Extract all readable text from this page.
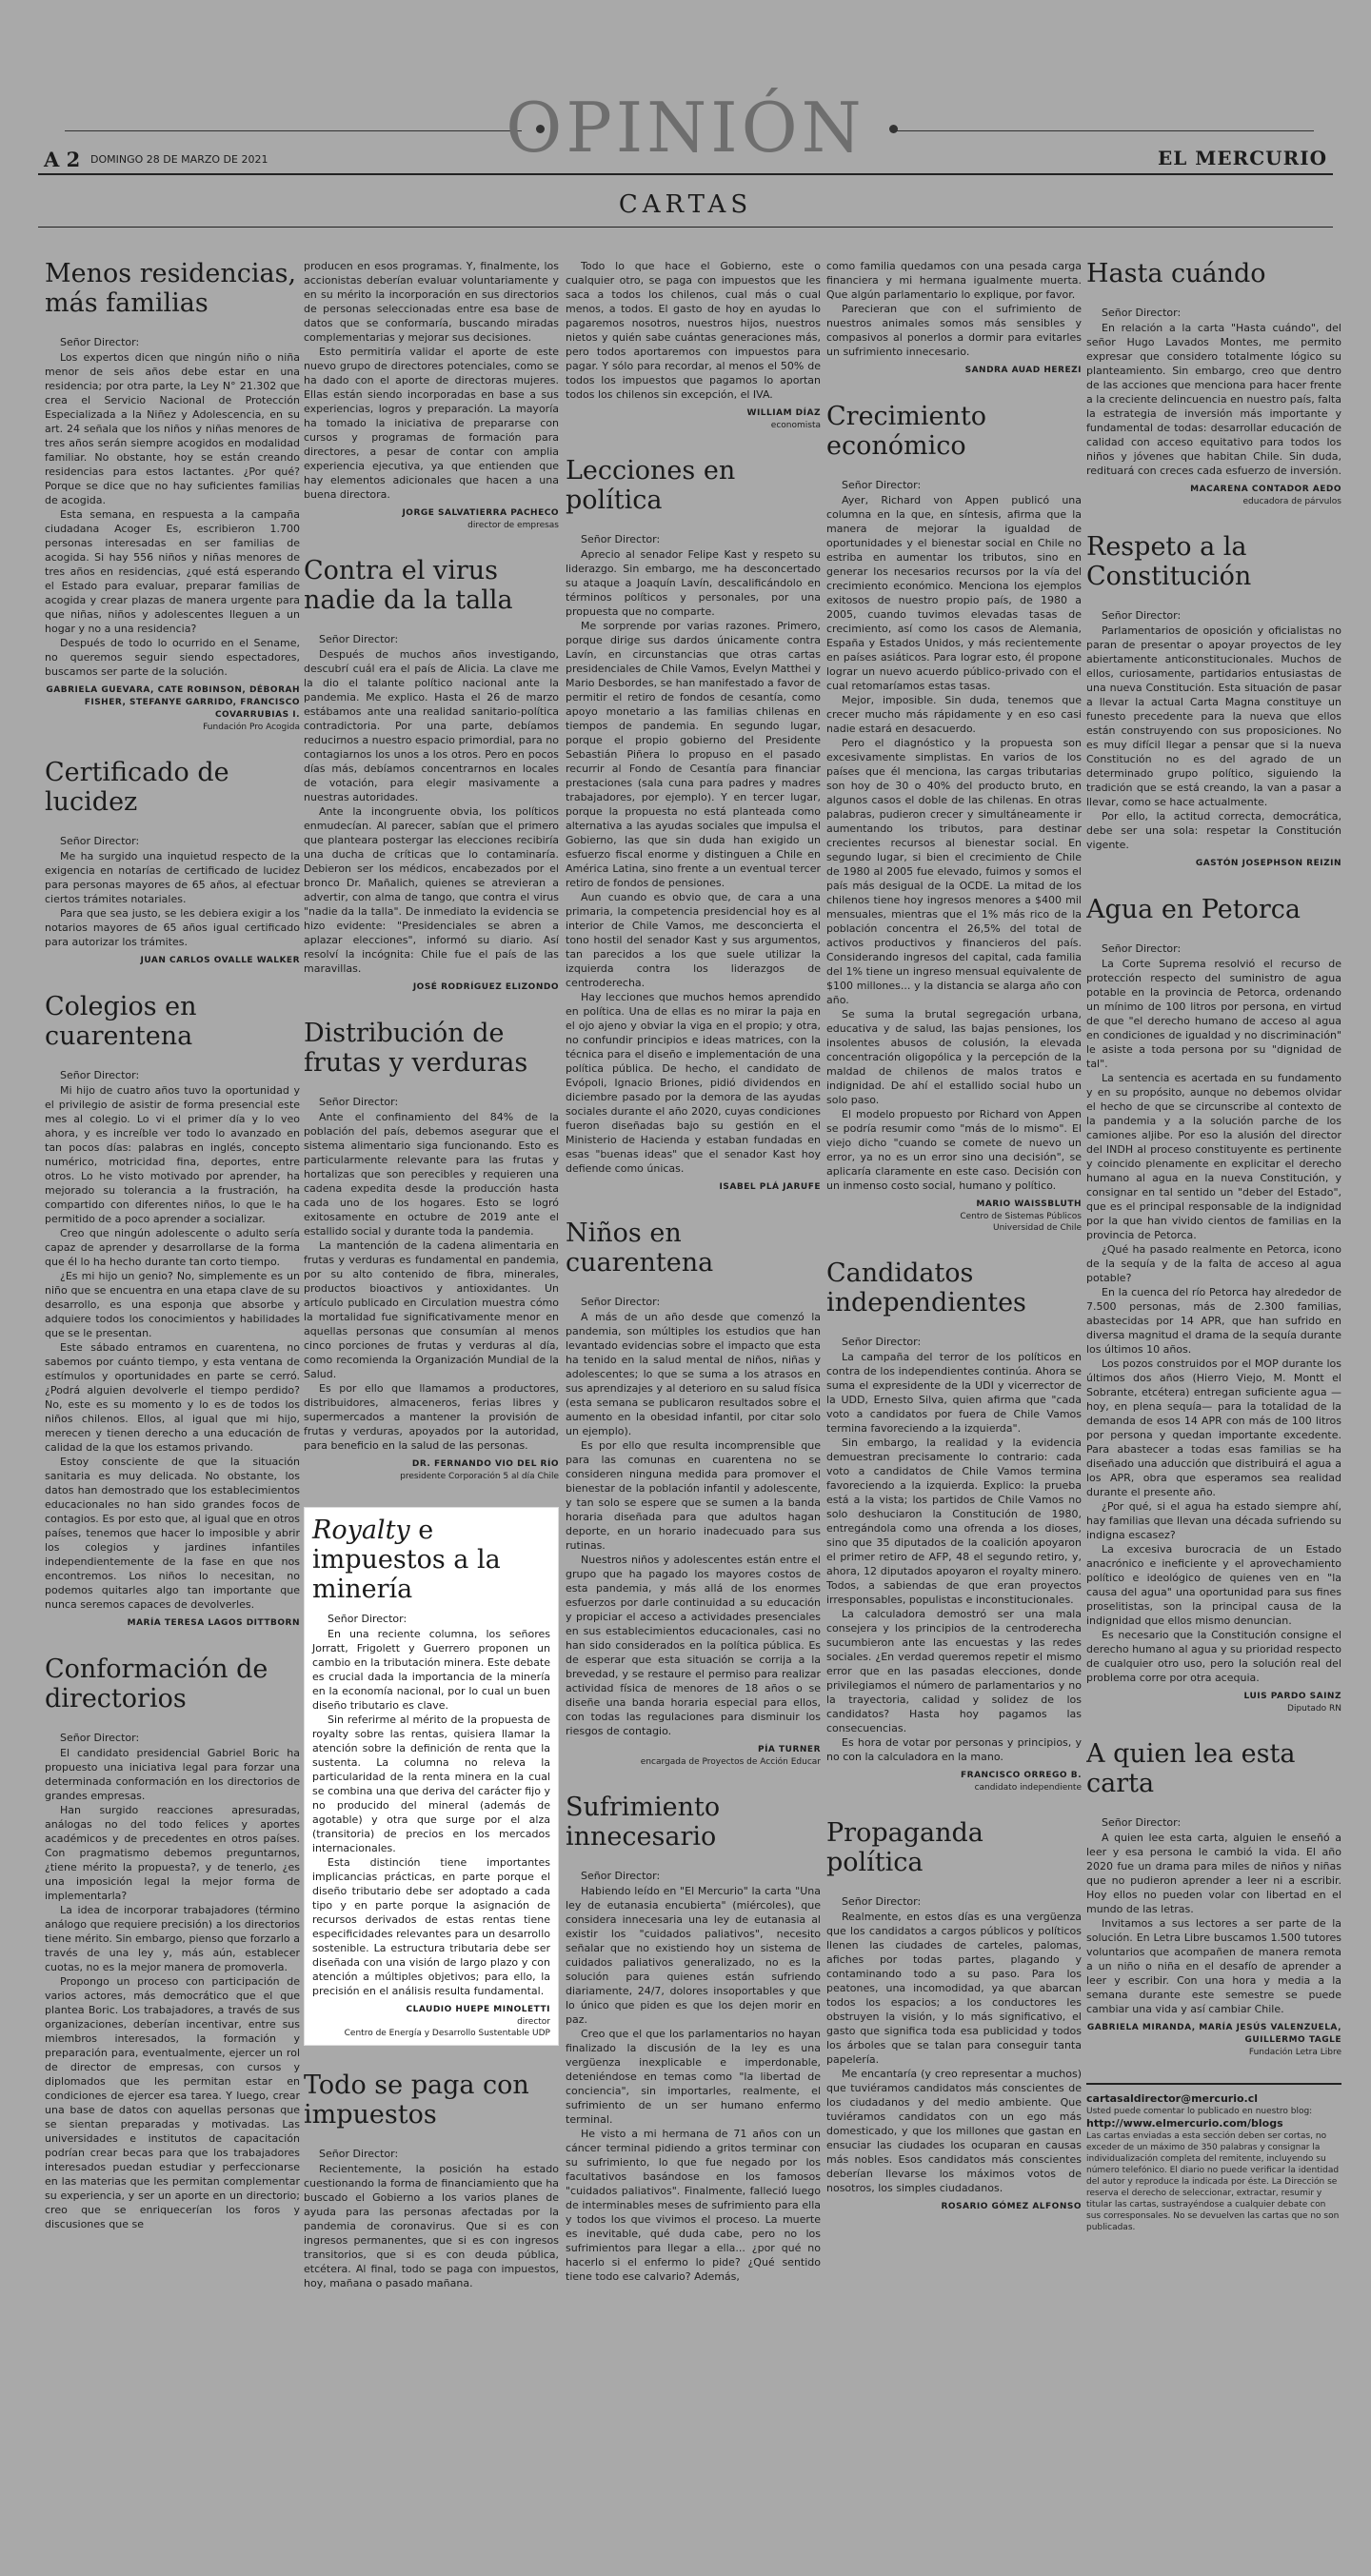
OPINIÓN
A 2 DOMINGO 28 DE MARZO DE 2021	EL MERCURIO
CARTAS
Menos residencias, más familias
Señor Director:

Los expertos dicen que ningún niño o niña menor de seis años debe estar en una residencia; por otra parte, la Ley N° 21.302 que crea el Servicio Nacional de Protección Especializada a la Niñez y Adolescencia, en su art. 24 señala que los niños y niñas menores de tres años serán siempre acogidos en modalidad familiar. No obstante, hoy se están creando residencias para estos lactantes. ¿Por qué? Porque se dice que no hay suficientes familias de acogida.

Esta semana, en respuesta a la campaña ciudadana Acoger Es, escribieron 1.700 personas interesadas en ser familias de acogida. Si hay 556 niños y niñas menores de tres años en residencias, ¿qué está esperando el Estado para evaluar, preparar familias de acogida y crear plazas de manera urgente para que niñas, niños y adolescentes lleguen a un hogar y no a una residencia?

Después de todo lo ocurrido en el Sename, no queremos seguir siendo espectadores, buscamos ser parte de la solución.

GABRIELA GUEVARA, CATE ROBINSON, DÉBORAH FISHER, STEFANYE GARRIDO, FRANCISCO COVARRUBIAS I.
Fundación Pro Acogida
Certificado de lucidez
Señor Director:

Me ha surgido una inquietud respecto de la exigencia en notarías de certificado de lucidez para personas mayores de 65 años, al efectuar ciertos trámites notariales.

Para que sea justo, se les debiera exigir a los notarios mayores de 65 años igual certificado para autorizar los trámites.

JUAN CARLOS OVALLE WALKER
Colegios en cuarentena
Señor Director:

Mi hijo de cuatro años tuvo la oportunidad y el privilegio de asistir de forma presencial este mes al colegio. Lo vi el primer día y lo veo ahora, y es increíble ver todo lo avanzado en tan pocos días: palabras en inglés, concepto numérico, motricidad fina, deportes, entre otros. Lo he visto motivado por aprender, ha mejorado su tolerancia a la frustración, ha compartido con diferentes niños, lo que le ha permitido de a poco aprender a socializar.

Creo que ningún adolescente o adulto sería capaz de aprender y desarrollarse de la forma que él lo ha hecho durante tan corto tiempo.

¿Es mi hijo un genio? No, simplemente es un niño que se encuentra en una etapa clave de su desarrollo, es una esponja que absorbe y adquiere todos los conocimientos y habilidades que se le presentan.

Este sábado entramos en cuarentena, no sabemos por cuánto tiempo, y esta ventana de estímulos y oportunidades en parte se cerró. ¿Podrá alguien devolverle el tiempo perdido? No, este es su momento y lo es de todos los niños chilenos. Ellos, al igual que mi hijo, merecen y tienen derecho a una educación de calidad de la que los estamos privando.

Estoy consciente de que la situación sanitaria es muy delicada. No obstante, los datos han demostrado que los establecimientos educacionales no han sido grandes focos de contagios. Es por esto que, al igual que en otros países, tenemos que hacer lo imposible y abrir los colegios y jardines infantiles independientemente de la fase en que nos encontremos. Los niños lo necesitan, no podemos quitarles algo tan importante que nunca seremos capaces de devolverles.

MARÍA TERESA LAGOS DITTBORN
Conformación de directorios
Señor Director:

El candidato presidencial Gabriel Boric ha propuesto una iniciativa legal para forzar una determinada conformación en los directorios de grandes empresas.

Han surgido reacciones apresuradas, análogas no del todo felices y aportes académicos y de precedentes en otros países. Con pragmatismo debemos preguntarnos, ¿tiene mérito la propuesta?, y de tenerlo, ¿es una imposición legal la mejor forma de implementarla?

La idea de incorporar trabajadores (término análogo que requiere precisión) a los directorios tiene mérito. Sin embargo, pienso que forzarlo a través de una ley y, más aún, establecer cuotas, no es la mejor manera de promoverla.

Propongo un proceso con participación de varios actores, más democrático que el que plantea Boric. Los trabajadores, a través de sus organizaciones, deberían incentivar, entre sus miembros interesados, la formación y preparación para, eventualmente, ejercer un rol de director de empresas, con cursos y diplomados que les permitan estar en condiciones de ejercer esa tarea. Y luego, crear una base de datos con aquellas personas que se sientan preparadas y motivadas. Las universidades e institutos de capacitación podrían crear becas para que los trabajadores interesados puedan estudiar y perfeccionarse en las materias que les permitan complementar su experiencia, y ser un aporte en un directorio; creo que se enriquecerían los foros y discusiones que se

producen en esos programas. Y, finalmente, los accionistas deberían evaluar voluntariamente y en su mérito la incorporación en sus directorios de personas seleccionadas entre esa base de datos que se conformaría, buscando miradas complementarias y mejorar sus decisiones.

Esto permitiría validar el aporte de este nuevo grupo de directores potenciales, como se ha dado con el aporte de directoras mujeres. Ellas están siendo incorporadas en base a sus experiencias, logros y preparación. La mayoría ha tomado la iniciativa de prepararse con cursos y programas de formación para directores, a pesar de contar con amplia experiencia ejecutiva, ya que entienden que hay elementos adicionales que hacen a una buena directora.

JORGE SALVATIERRA PACHECO
director de empresas
Contra el virus nadie da la talla
Señor Director:

Después de muchos años investigando, descubrí cuál era el país de Alicia. La clave me la dio el talante político nacional ante la pandemia. Me explico. Hasta el 26 de marzo estábamos ante una realidad sanitario-política contradictoria. Por una parte, debíamos reducirnos a nuestro espacio primordial, para no contagiarnos los unos a los otros. Pero en pocos días más, debíamos concentrarnos en locales de votación, para elegir masivamente a nuestras autoridades.

Ante la incongruente obvia, los políticos enmudecían. Al parecer, sabían que el primero que planteara postergar las elecciones recibiría una ducha de críticas que lo contaminaría. Debieron ser los médicos, encabezados por el bronco Dr. Mañalich, quienes se atrevieran a advertir, con alma de tango, que contra el virus "nadie da la talla". De inmediato la evidencia se hizo evidente: "Presidenciales se abren a aplazar elecciones", informó su diario. Así resolví la incógnita: Chile fue el país de las maravillas.

JOSÉ RODRÍGUEZ ELIZONDO
Distribución de frutas y verduras
Señor Director:

Ante el confinamiento del 84% de la población del país, debemos asegurar que el sistema alimentario siga funcionando. Esto es particularmente relevante para las frutas y hortalizas que son perecibles y requieren una cadena expedita desde la producción hasta cada uno de los hogares. Esto se logró exitosamente en octubre de 2019 ante el estallido social y durante toda la pandemia.

La mantención de la cadena alimentaria en frutas y verduras es fundamental en pandemia, por su alto contenido de fibra, minerales, productos bioactivos y antioxidantes. Un artículo publicado en Circulation muestra cómo la mortalidad fue significativamente menor en aquellas personas que consumían al menos cinco porciones de frutas y verduras al día, como recomienda la Organización Mundial de la Salud.

Es por ello que llamamos a productores, distribuidores, almaceneros, ferias libres y supermercados a mantener la provisión de frutas y verduras, apoyados por la autoridad, para beneficio en la salud de las personas.

DR. FERNANDO VIO DEL RÍO
presidente Corporación 5 al día Chile
Royalty e impuestos a la minería
Señor Director:

En una reciente columna, los señores Jorratt, Frigolett y Guerrero proponen un cambio en la tributación minera. Este debate es crucial dada la importancia de la minería en la economía nacional, por lo cual un buen diseño tributario es clave.

Sin referirme al mérito de la propuesta de royalty sobre las rentas, quisiera llamar la atención sobre la definición de renta que la sustenta. La columna no releva la particularidad de la renta minera en la cual se combina una que deriva del carácter fijo y no producido del mineral (además de agotable) y otra que surge por el alza (transitoria) de precios en los mercados internacionales.

Esta distinción tiene importantes implicancias prácticas, en parte porque el diseño tributario debe ser adoptado a cada tipo y en parte porque la asignación de recursos derivados de estas rentas tiene especificidades relevantes para un desarrollo sostenible. La estructura tributaria debe ser diseñada con una visión de largo plazo y con atención a múltiples objetivos; para ello, la precisión en el análisis resulta fundamental.

CLAUDIO HUEPE MINOLETTI
director
Centro de Energía y Desarrollo Sustentable UDP
Todo se paga con impuestos
Señor Director:

Recientemente, la posición ha estado cuestionando la forma de financiamiento que ha buscado el Gobierno a los varios planes de ayuda para las personas afectadas por la pandemia de coronavirus. Que si es con ingresos permanentes, que si es con ingresos transitorios, que si es con deuda pública, etcétera. Al final, todo se paga con impuestos, hoy, mañana o pasado mañana.

Todo lo que hace el Gobierno, este o cualquier otro, se paga con impuestos que les saca a todos los chilenos, cual más o cual menos, a todos. El gasto de hoy en ayudas lo pagaremos nosotros, nuestros hijos, nuestros nietos y quién sabe cuántas generaciones más, pero todos aportaremos con impuestos para pagar. Y sólo para recordar, al menos el 50% de todos los impuestos que pagamos lo aportan todos los chilenos sin excepción, el IVA.

WILLIAM DÍAZ
economista
Lecciones en política
Señor Director:

Aprecio al senador Felipe Kast y respeto su liderazgo. Sin embargo, me ha desconcertado su ataque a Joaquín Lavín, descalificándolo en términos políticos y personales, por una propuesta que no comparte.

Me sorprende por varias razones. Primero, porque dirige sus dardos únicamente contra Lavín, en circunstancias que otras cartas presidenciales de Chile Vamos, Evelyn Matthei y Mario Desbordes, se han manifestado a favor de permitir el retiro de fondos de cesantía, como apoyo monetario a las familias chilenas en tiempos de pandemia. En segundo lugar, porque el propio gobierno del Presidente Sebastián Piñera lo propuso en el pasado recurrir al Fondo de Cesantía para financiar prestaciones (sala cuna para padres y madres trabajadores, por ejemplo). Y en tercer lugar, porque la propuesta no está planteada como alternativa a las ayudas sociales que impulsa el Gobierno, las que sin duda han exigido un esfuerzo fiscal enorme y distinguen a Chile en América Latina, sino frente a un eventual tercer retiro de fondos de pensiones.

Aun cuando es obvio que, de cara a una primaria, la competencia presidencial hoy es al interior de Chile Vamos, me desconcierta el tono hostil del senador Kast y sus argumentos, tan parecidos a los que suele utilizar la izquierda contra los liderazgos de centroderecha.

Hay lecciones que muchos hemos aprendido en política. Una de ellas es no mirar la paja en el ojo ajeno y obviar la viga en el propio; y otra, no confundir principios e ideas matrices, con la técnica para el diseño e implementación de una política pública. De hecho, el candidato de Evópoli, Ignacio Briones, pidió dividendos en diciembre pasado por la demora de las ayudas sociales durante el año 2020, cuyas condiciones fueron diseñadas bajo su gestión en el Ministerio de Hacienda y estaban fundadas en esas "buenas ideas" que el senador Kast hoy defiende como únicas.

ISABEL PLÁ JARUFE
Niños en cuarentena
Señor Director:

A más de un año desde que comenzó la pandemia, son múltiples los estudios que han levantado evidencias sobre el impacto que esta ha tenido en la salud mental de niños, niñas y adolescentes; lo que se suma a los atrasos en sus aprendizajes y al deterioro en su salud física (esta semana se publicaron resultados sobre el aumento en la obesidad infantil, por citar solo un ejemplo).

Es por ello que resulta incomprensible que para las comunas en cuarentena no se consideren ninguna medida para promover el bienestar de la población infantil y adolescente, y tan solo se espere que se sumen a la banda horaria diseñada para que adultos hagan deporte, en un horario inadecuado para sus rutinas.

Nuestros niños y adolescentes están entre el grupo que ha pagado los mayores costos de esta pandemia, y más allá de los enormes esfuerzos por darle continuidad a su educación y propiciar el acceso a actividades presenciales en sus establecimientos educacionales, casi no han sido considerados en la política pública. Es de esperar que esta situación se corrija a la brevedad, y se restaure el permiso para realizar actividad física de menores de 18 años o se diseñe una banda horaria especial para ellos, con todas las regulaciones para disminuir los riesgos de contagio.

PÍA TURNER
encargada de Proyectos de Acción Educar
Sufrimiento innecesario
Señor Director:

Habiendo leído en "El Mercurio" la carta "Una ley de eutanasia encubierta" (miércoles), que considera innecesaria una ley de eutanasia al existir los "cuidados paliativos", necesito señalar que no existiendo hoy un sistema de cuidados paliativos generalizado, no es la solución para quienes están sufriendo diariamente, 24/7, dolores insoportables y que lo único que piden es que los dejen morir en paz.

Creo que el que los parlamentarios no hayan finalizado la discusión de la ley es una vergüenza inexplicable e imperdonable, deteniéndose en temas como "la libertad de conciencia", sin importarles, realmente, el sufrimiento de un ser humano enfermo terminal.

He visto a mi hermana de 71 años con un cáncer terminal pidiendo a gritos terminar con su sufrimiento, lo que fue negado por los facultativos basándose en los famosos "cuidados paliativos". Finalmente, falleció luego de interminables meses de sufrimiento para ella y todos los que vivimos el proceso. La muerte es inevitable, qué duda cabe, pero no los sufrimientos para llegar a ella... ¿por qué no hacerlo si el enfermo lo pide? ¿Qué sentido tiene todo ese calvario? Además,

como familia quedamos con una pesada carga financiera y mi hermana igualmente muerta. Que algún parlamentario lo explique, por favor.

Parecieran que con el sufrimiento de nuestros animales somos más sensibles y compasivos al ponerlos a dormir para evitarles un sufrimiento innecesario.

SANDRA AUAD HEREZI
Crecimiento económico
Señor Director:

Ayer, Richard von Appen publicó una columna en la que, en síntesis, afirma que la manera de mejorar la igualdad de oportunidades y el bienestar social en Chile no estriba en aumentar los tributos, sino en generar los necesarios recursos por la vía del crecimiento económico. Menciona los ejemplos exitosos de nuestro propio país, de 1980 a 2005, cuando tuvimos elevadas tasas de crecimiento, así como los casos de Alemania, España y Estados Unidos, y más recientemente en países asiáticos. Para lograr esto, él propone lograr un nuevo acuerdo público-privado con el cual retomaríamos estas tasas.

Mejor, imposible. Sin duda, tenemos que crecer mucho más rápidamente y en eso casi nadie estará en desacuerdo.

Pero el diagnóstico y la propuesta son excesivamente simplistas. En varios de los países que él menciona, las cargas tributarias son hoy de 30 o 40% del producto bruto, en algunos casos el doble de las chilenas. En otras palabras, pudieron crecer y simultáneamente ir aumentando los tributos, para destinar crecientes recursos al bienestar social. En segundo lugar, si bien el crecimiento de Chile de 1980 al 2005 fue elevado, fuimos y somos el país más desigual de la OCDE. La mitad de los chilenos tiene hoy ingresos menores a $400 mil mensuales, mientras que el 1% más rico de la población concentra el 26,5% del total de activos productivos y financieros del país. Considerando ingresos del capital, cada familia del 1% tiene un ingreso mensual equivalente de $100 millones... y la distancia se alarga año con año.

Se suma la brutal segregación urbana, educativa y de salud, las bajas pensiones, los insolentes abusos de colusión, la elevada concentración oligopólica y la percepción de la maldad de chilenos de malos tratos e indignidad. De ahí el estallido social hubo un solo paso.

El modelo propuesto por Richard von Appen se podría resumir como "más de lo mismo". El viejo dicho "cuando se comete de nuevo un error, ya no es un error sino una decisión", se aplicaría claramente en este caso. Decisión con un inmenso costo social, humano y político.

MARIO WAISSBLUTH
Centro de Sistemas Públicos
Universidad de Chile
Candidatos independientes
Señor Director:

La campaña del terror de los políticos en contra de los independientes continúa. Ahora se suma el expresidente de la UDI y vicerrector de la UDD, Ernesto Silva, quien afirma que "cada voto a candidatos por fuera de Chile Vamos termina favoreciendo a la izquierda".

Sin embargo, la realidad y la evidencia demuestran precisamente lo contrario: cada voto a candidatos de Chile Vamos termina favoreciendo a la izquierda. Explico: la prueba está a la vista; los partidos de Chile Vamos no solo deshuciaron la Constitución de 1980, entregándola como una ofrenda a los dioses, sino que 35 diputados de la coalición apoyaron el primer retiro de AFP, 48 el segundo retiro, y, ahora, 12 diputados apoyaron el royalty minero. Todos, a sabiendas de que eran proyectos irresponsables, populistas e inconstitucionales.

La calculadora demostró ser una mala consejera y los principios de la centroderecha sucumbieron ante las encuestas y las redes sociales. ¿En verdad queremos repetir el mismo error que en las pasadas elecciones, donde privilegiamos el número de parlamentarios y no la trayectoria, calidad y solidez de los candidatos? Hasta hoy pagamos las consecuencias.

Es hora de votar por personas y principios, y no con la calculadora en la mano.

FRANCISCO ORREGO B.
candidato independiente
Propaganda política
Señor Director:

Realmente, en estos días es una vergüenza que los candidatos a cargos públicos y políticos llenen las ciudades de carteles, palomas, afiches por todas partes, plagando y contaminando todo a su paso. Para los peatones, una incomodidad, ya que abarcan todos los espacios; a los conductores les obstruyen la visión, y lo más significativo, el gasto que significa toda esa publicidad y todos los árboles que se talan para conseguir tanta papelería.

Me encantaría (y creo representar a muchos) que tuviéramos candidatos más conscientes de los ciudadanos y del medio ambiente. Que tuviéramos candidatos con un ego más domesticado, y que los millones que gastan en ensuciar las ciudades los ocuparan en causas más nobles. Esos candidatos más conscientes deberían llevarse los máximos votos de nosotros, los simples ciudadanos.

ROSARIO GÓMEZ ALFONSO
Hasta cuándo
Señor Director:

En relación a la carta "Hasta cuándo", del señor Hugo Lavados Montes, me permito expresar que considero totalmente lógico su planteamiento. Sin embargo, creo que dentro de las acciones que menciona para hacer frente a la creciente delincuencia en nuestro país, falta la estrategia de inversión más importante y fundamental de todas: desarrollar educación de calidad con acceso equitativo para todos los niños y jóvenes que habitan Chile. Sin duda, redituará con creces cada esfuerzo de inversión.

MACARENA CONTADOR AEDO
educadora de párvulos
Respeto a la Constitución
Señor Director:

Parlamentarios de oposición y oficialistas no paran de presentar o apoyar proyectos de ley abiertamente anticonstitucionales. Muchos de ellos, curiosamente, partidarios entusiastas de una nueva Constitución. Esta situación de pasar a llevar la actual Carta Magna constituye un funesto precedente para la nueva que ellos están construyendo con sus proposiciones. No es muy difícil llegar a pensar que si la nueva Constitución no es del agrado de un determinado grupo político, siguiendo la tradición que se está creando, la van a pasar a llevar, como se hace actualmente.

Por ello, la actitud correcta, democrática, debe ser una sola: respetar la Constitución vigente.

GASTÓN JOSEPHSON REIZIN
Agua en Petorca
Señor Director:

La Corte Suprema resolvió el recurso de protección respecto del suministro de agua potable en la provincia de Petorca, ordenando un mínimo de 100 litros por persona, en virtud de que "el derecho humano de acceso al agua en condiciones de igualdad y no discriminación" le asiste a toda persona por su "dignidad de tal".

La sentencia es acertada en su fundamento y en su propósito, aunque no debemos olvidar el hecho de que se circunscribe al contexto de la pandemia y a la solución parche de los camiones aljibe. Por eso la alusión del director del INDH al proceso constituyente es pertinente y coincido plenamente en explicitar el derecho humano al agua en la nueva Constitución, y consignar en tal sentido un "deber del Estado", que es el principal responsable de la indignidad por la que han vivido cientos de familias en la provincia de Petorca.

¿Qué ha pasado realmente en Petorca, icono de la sequía y de la falta de acceso al agua potable?

En la cuenca del río Petorca hay alrededor de 7.500 personas, más de 2.300 familias, abastecidas por 14 APR, que han sufrido en diversa magnitud el drama de la sequía durante los últimos 10 años.

Los pozos construidos por el MOP durante los últimos dos años (Hierro Viejo, M. Montt el Sobrante, etcétera) entregan suficiente agua —hoy, en plena sequía— para la totalidad de la demanda de esos 14 APR con más de 100 litros por persona y quedan importante excedente. Para abastecer a todas esas familias se ha diseñado una aducción que distribuirá el agua a los APR, obra que esperamos sea realidad durante el presente año.

¿Por qué, si el agua ha estado siempre ahí, hay familias que llevan una década sufriendo su indigna escasez?

La excesiva burocracia de un Estado anacrónico e ineficiente y el aprovechamiento político e ideológico de quienes ven en "la causa del agua" una oportunidad para sus fines proselitistas, son la principal causa de la indignidad que ellos mismo denuncian.

Es necesario que la Constitución consigne el derecho humano al agua y su prioridad respecto de cualquier otro uso, pero la solución real del problema corre por otra acequia.

LUIS PARDO SAINZ
Diputado RN
A quien lea esta carta
Señor Director:

A quien lee esta carta, alguien le enseñó a leer y esa persona le cambió la vida. El año 2020 fue un drama para miles de niños y niñas que no pudieron aprender a leer ni a escribir. Hoy ellos no pueden volar con libertad en el mundo de las letras.

Invitamos a sus lectores a ser parte de la solución. En Letra Libre buscamos 1.500 tutores voluntarios que acompañen de manera remota a un niño o niña en el desafío de aprender a leer y escribir. Con una hora y media a la semana durante este semestre se puede cambiar una vida y así cambiar Chile.

GABRIELA MIRANDA, MARÍA JESÚS VALENZUELA, GUILLERMO TAGLE
Fundación Letra Libre
cartasaldirector@mercurio.cl
Usted puede comentar lo publicado en nuestro blog:
http://www.elmercurio.com/blogs
Las cartas enviadas a esta sección deben ser cortas, no exceder de un máximo de 350 palabras y consignar la individualización completa del remitente, incluyendo su número telefónico. El diario no puede verificar la identidad del autor y reproduce la indicada por éste. La Dirección se reserva el derecho de seleccionar, extractar, resumir y titular las cartas, sustrayéndose a cualquier debate con sus corresponsales. No se devuelven las cartas que no son publicadas.
